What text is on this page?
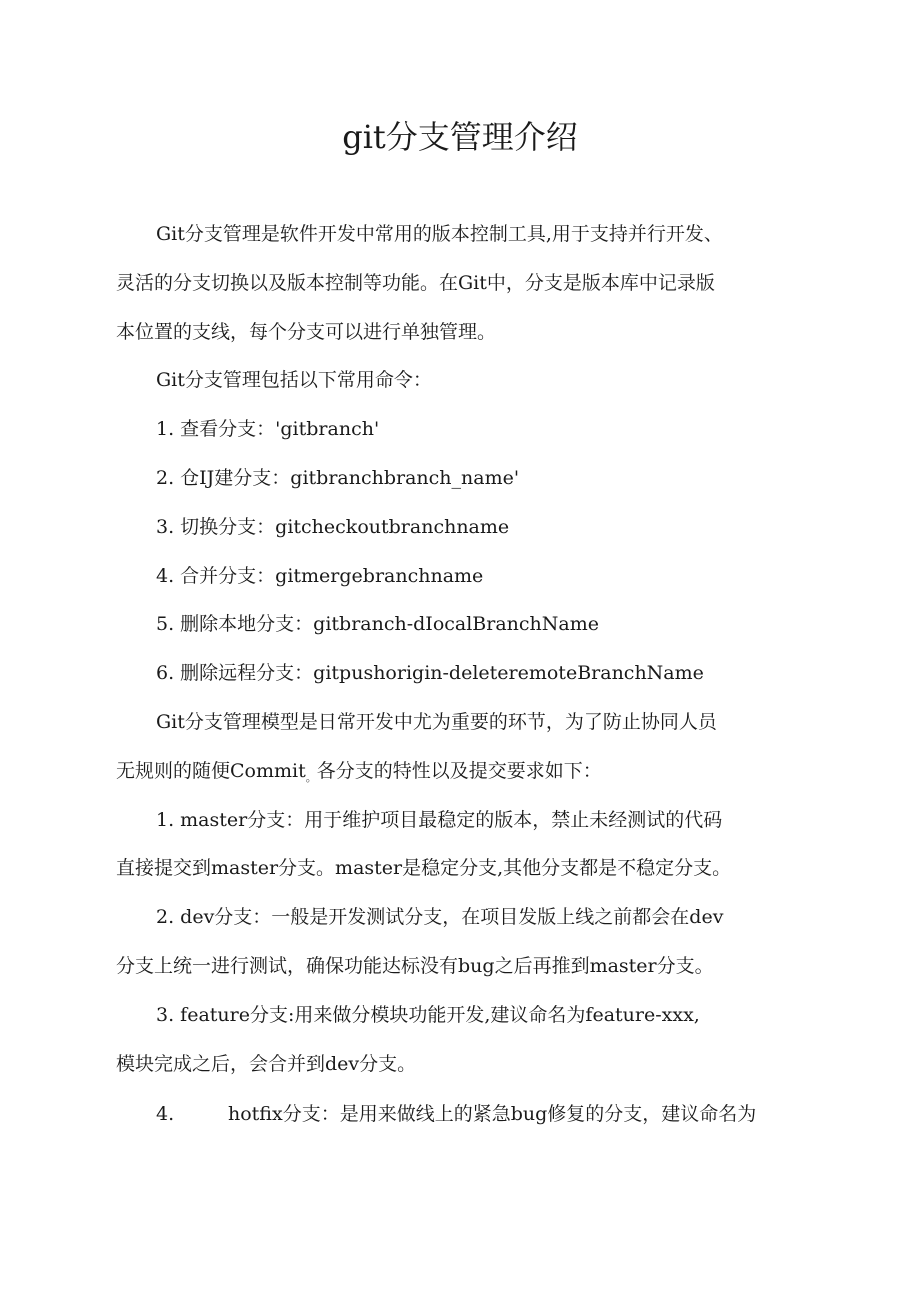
git分支管理介绍

Git分支管理是软件开发中常用的版本控制工具,用于支持并行开发、

灵活的分支切换以及版本控制等功能。在Git中，分支是版本库中记录版

本位置的支线，每个分支可以进行单独管理。

Git分支管理包括以下常用命令：

1. 查看分支：'gitbranch'

2. 仓IJ建分支：gitbranchbranch_name'

3. 切换分支：gitcheckoutbranchname

4. 合并分支：gitmergebranchname

5. 删除本地分支：gitbranch-dIocalBranchName

6. 删除远程分支：gitpushorigin-deleteremoteBranchName

Git分支管理模型是日常开发中尤为重要的环节，为了防止协同人员

无规则的随便Commit$_。$各分支的特性以及提交要求如下：

1. master分支：用于维护项目最稳定的版本，禁止未经测试的代码

直接提交到master分支。master是稳定分支,其他分支都是不稳定分支。

2. dev分支：一般是开发测试分支，在项目发版上线之前都会在dev

分支上统一进行测试，确保功能达标没有bug之后再推到master分支。

3. feature分支:用来做分模块功能开发,建议命名为feature-xxx,

模块完成之后，会合并到dev分支。

4.	hotfix分支：是用来做线上的紧急bug修复的分支，建议命名为
